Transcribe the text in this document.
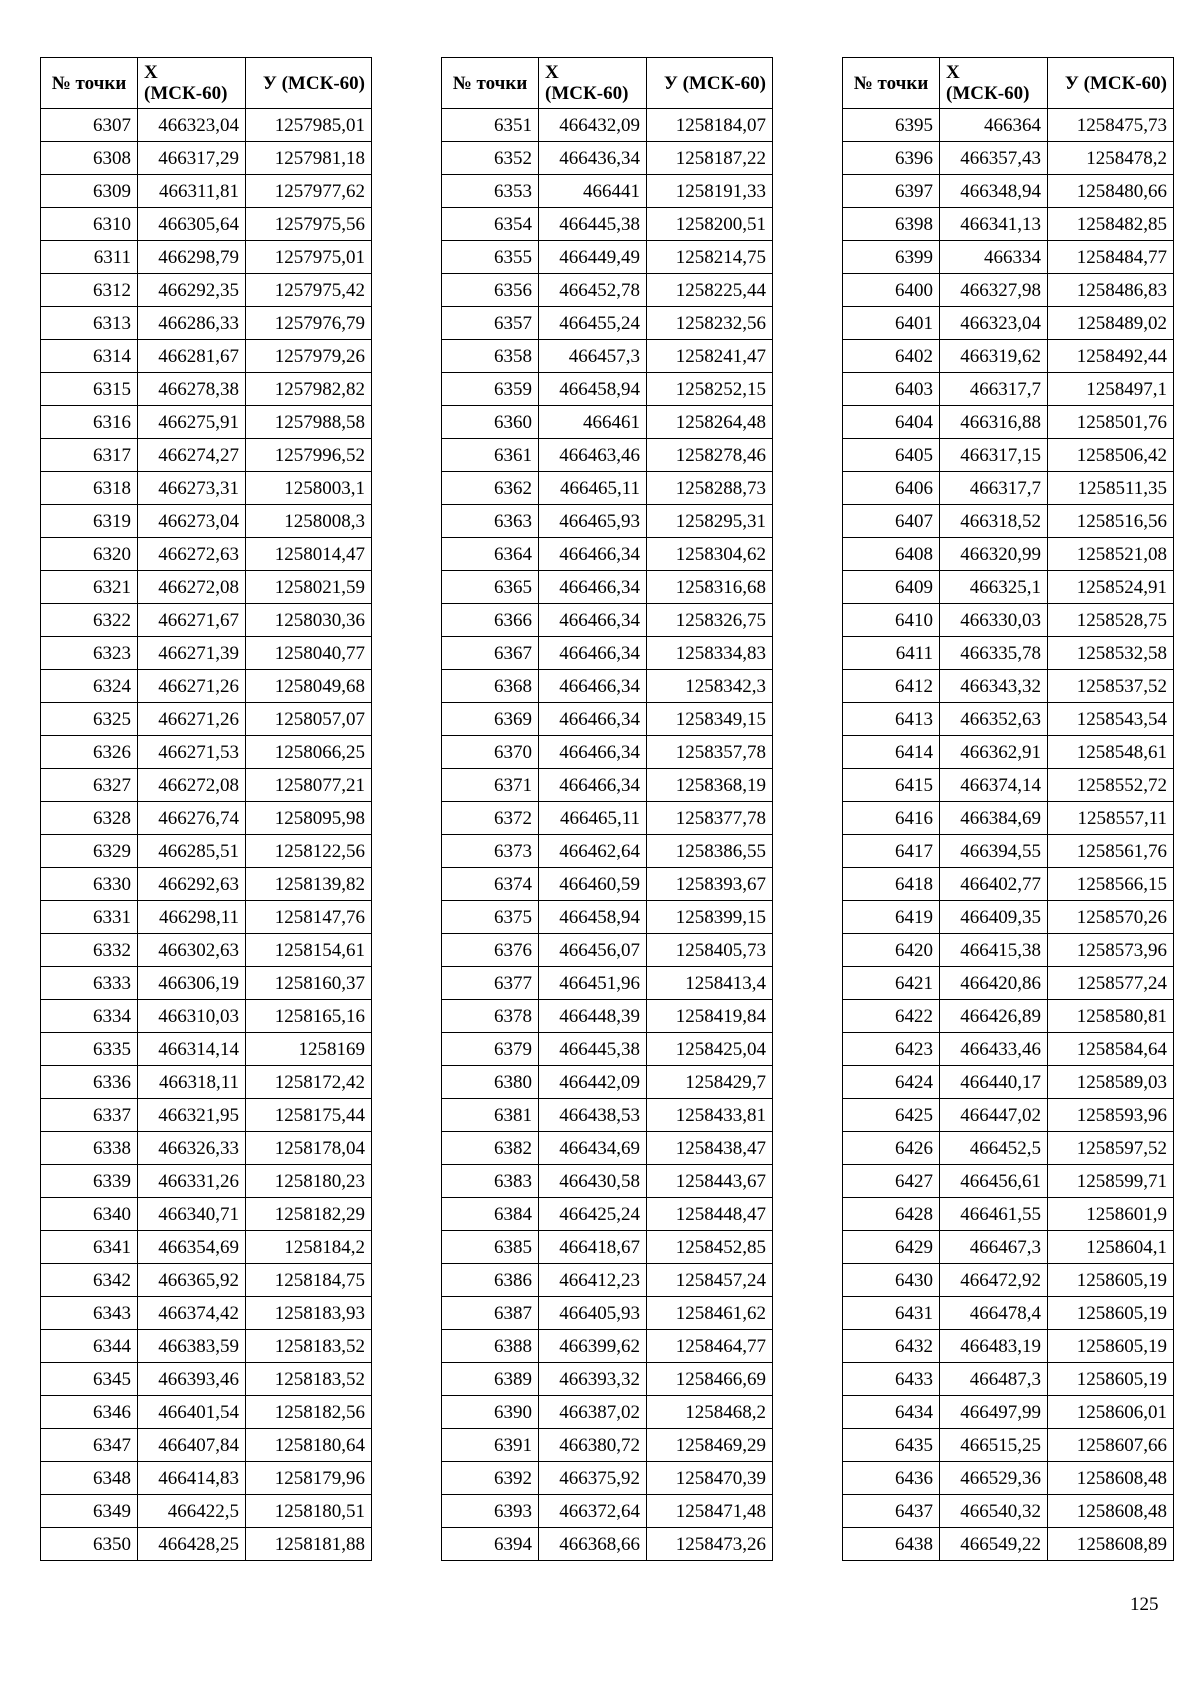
№ точки	X (МСК-60)	У (МСК-60)
6307	466323,04	1257985,01
6308	466317,29	1257981,18
6309	466311,81	1257977,62
6310	466305,64	1257975,56
6311	466298,79	1257975,01
6312	466292,35	1257975,42
6313	466286,33	1257976,79
6314	466281,67	1257979,26
6315	466278,38	1257982,82
6316	466275,91	1257988,58
6317	466274,27	1257996,52
6318	466273,31	1258003,1
6319	466273,04	1258008,3
6320	466272,63	1258014,47
6321	466272,08	1258021,59
6322	466271,67	1258030,36
6323	466271,39	1258040,77
6324	466271,26	1258049,68
6325	466271,26	1258057,07
6326	466271,53	1258066,25
6327	466272,08	1258077,21
6328	466276,74	1258095,98
6329	466285,51	1258122,56
6330	466292,63	1258139,82
6331	466298,11	1258147,76
6332	466302,63	1258154,61
6333	466306,19	1258160,37
6334	466310,03	1258165,16
6335	466314,14	1258169
6336	466318,11	1258172,42
6337	466321,95	1258175,44
6338	466326,33	1258178,04
6339	466331,26	1258180,23
6340	466340,71	1258182,29
6341	466354,69	1258184,2
6342	466365,92	1258184,75
6343	466374,42	1258183,93
6344	466383,59	1258183,52
6345	466393,46	1258183,52
6346	466401,54	1258182,56
6347	466407,84	1258180,64
6348	466414,83	1258179,96
6349	466422,5	1258180,51
6350	466428,25	1258181,88
№ точки	X (МСК-60)	У (МСК-60)
6351	466432,09	1258184,07
6352	466436,34	1258187,22
6353	466441	1258191,33
6354	466445,38	1258200,51
6355	466449,49	1258214,75
6356	466452,78	1258225,44
6357	466455,24	1258232,56
6358	466457,3	1258241,47
6359	466458,94	1258252,15
6360	466461	1258264,48
6361	466463,46	1258278,46
6362	466465,11	1258288,73
6363	466465,93	1258295,31
6364	466466,34	1258304,62
6365	466466,34	1258316,68
6366	466466,34	1258326,75
6367	466466,34	1258334,83
6368	466466,34	1258342,3
6369	466466,34	1258349,15
6370	466466,34	1258357,78
6371	466466,34	1258368,19
6372	466465,11	1258377,78
6373	466462,64	1258386,55
6374	466460,59	1258393,67
6375	466458,94	1258399,15
6376	466456,07	1258405,73
6377	466451,96	1258413,4
6378	466448,39	1258419,84
6379	466445,38	1258425,04
6380	466442,09	1258429,7
6381	466438,53	1258433,81
6382	466434,69	1258438,47
6383	466430,58	1258443,67
6384	466425,24	1258448,47
6385	466418,67	1258452,85
6386	466412,23	1258457,24
6387	466405,93	1258461,62
6388	466399,62	1258464,77
6389	466393,32	1258466,69
6390	466387,02	1258468,2
6391	466380,72	1258469,29
6392	466375,92	1258470,39
6393	466372,64	1258471,48
6394	466368,66	1258473,26
№ точки	X (МСК-60)	У (МСК-60)
6395	466364	1258475,73
6396	466357,43	1258478,2
6397	466348,94	1258480,66
6398	466341,13	1258482,85
6399	466334	1258484,77
6400	466327,98	1258486,83
6401	466323,04	1258489,02
6402	466319,62	1258492,44
6403	466317,7	1258497,1
6404	466316,88	1258501,76
6405	466317,15	1258506,42
6406	466317,7	1258511,35
6407	466318,52	1258516,56
6408	466320,99	1258521,08
6409	466325,1	1258524,91
6410	466330,03	1258528,75
6411	466335,78	1258532,58
6412	466343,32	1258537,52
6413	466352,63	1258543,54
6414	466362,91	1258548,61
6415	466374,14	1258552,72
6416	466384,69	1258557,11
6417	466394,55	1258561,76
6418	466402,77	1258566,15
6419	466409,35	1258570,26
6420	466415,38	1258573,96
6421	466420,86	1258577,24
6422	466426,89	1258580,81
6423	466433,46	1258584,64
6424	466440,17	1258589,03
6425	466447,02	1258593,96
6426	466452,5	1258597,52
6427	466456,61	1258599,71
6428	466461,55	1258601,9
6429	466467,3	1258604,1
6430	466472,92	1258605,19
6431	466478,4	1258605,19
6432	466483,19	1258605,19
6433	466487,3	1258605,19
6434	466497,99	1258606,01
6435	466515,25	1258607,66
6436	466529,36	1258608,48
6437	466540,32	1258608,48
6438	466549,22	1258608,89
125
